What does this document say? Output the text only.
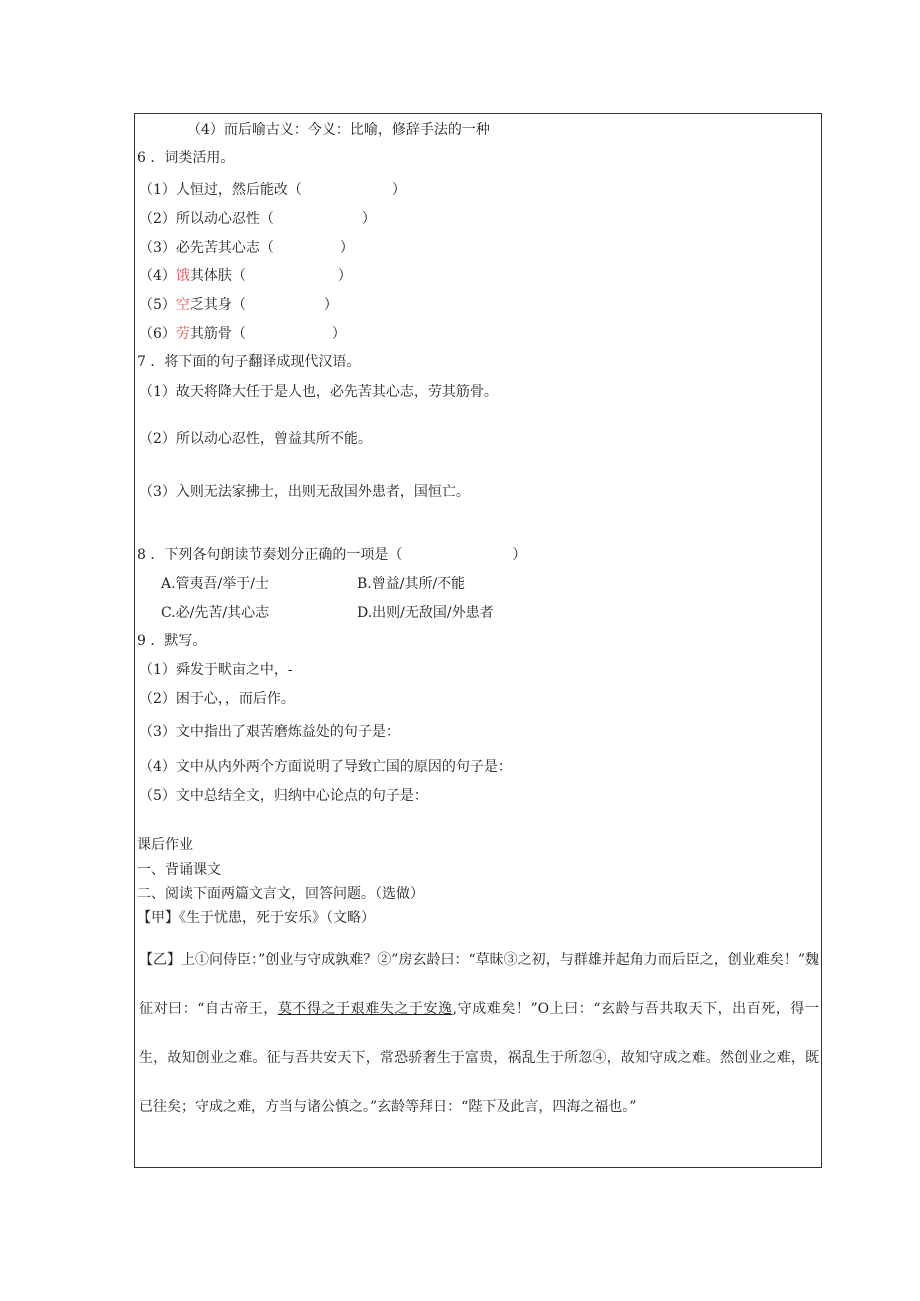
（4）而后喻古义：今义：比喻，修辞手法的一种
6 ．词类活用。
（1）人恒过，然后能改（	）
（2）所以动心忍性（	）
（3）必先苦其心志（	）
（4）饿其体肤（	）
（5）空乏其身（	）
（6）劳其筋骨（	）
7 ．将下面的句子翻译成现代汉语。
（1）故天将降大任于是人也，必先苦其心志，劳其筋骨。
（2）所以动心忍性，曾益其所不能。
（3）入则无法家拂士，出则无敌国外患者，国恒亡。
8 ．下列各句朗读节奏划分正确的一项是（	）
A.管夷吾/举于/士	B.曾益/其所/不能
C.必/先苦/其心志	D.出则/无敌国/外患者
9 ．默写。
（1）舜发于畎亩之中，-
（2）困于心，，而后作。
（3）文中指出了艰苦磨炼益处的句子是：
（4）文中从内外两个方面说明了导致亡国的原因的句子是：
（5）文中总结全文，归纳中心论点的句子是：
课后作业
一、背诵课文
二、阅读下面两篇文言文，回答问题。（选做）
【甲】《生于忧患，死于安乐》（文略）
【乙】上①问侍臣：”创业与守成孰难？②”房玄龄曰：“草昧③之初，与群雄并起角力而后臣之，创业难矣！”魏征对曰：“自古帝王，莫不得之于艰难失之于安逸,守成难矣！”O上曰：“玄龄与吾共取天下，出百死，得一生，故知创业之难。征与吾共安天下，常恐骄奢生于富贵，祸乱生于所忽④，故知守成之难。然创业之难，既已往矣；守成之难，方当与诸公慎之。”玄龄等拜日：“陛下及此言，四海之福也。”
